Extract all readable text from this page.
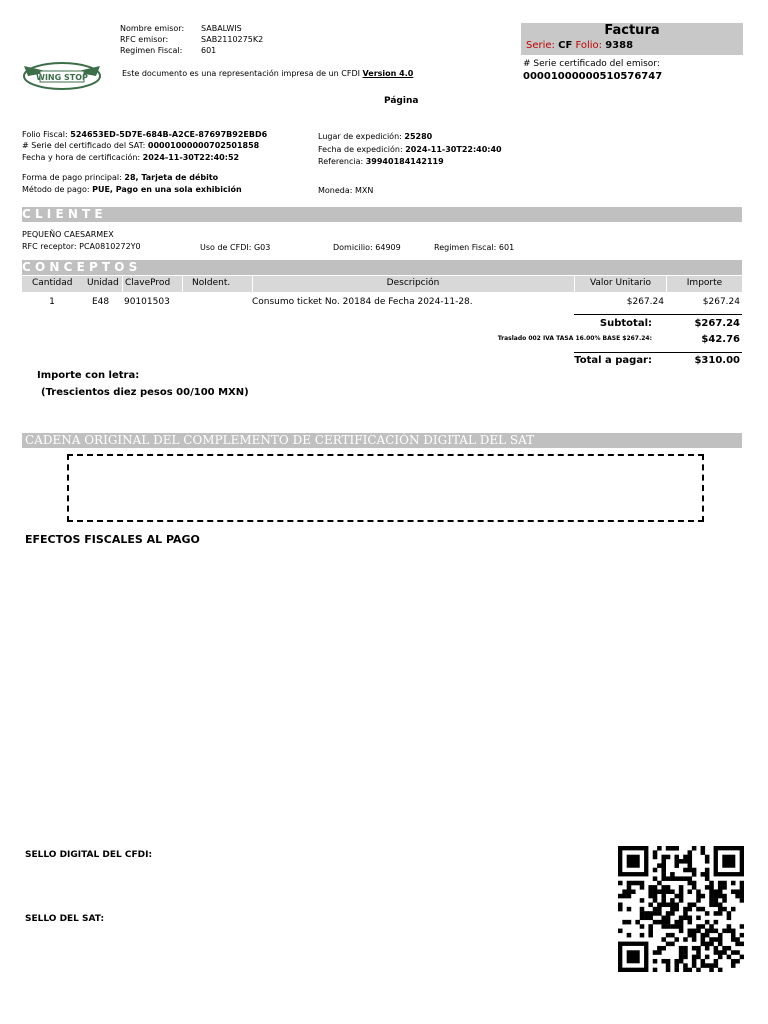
WING STOP
Nombre emisor: SABALWIS
RFC emisor:	SAB2110275K2
Regimen Fiscal: 601
Este documento es una representación impresa de un CFDI Version 4.0
Factura
Serie: CF Folio: 9388
# Serie certificado del emisor:
00001000000510576747
Página
Folio Fiscal: 524653ED-5D7E-684B-A2CE-87697B92EBD6
# Serie del certificado del SAT: 00001000000702501858
Fecha y hora de certificación: 2024-11-30T22:40:52
Lugar de expedición: 25280
Fecha de expedición: 2024-11-30T22:40:40
Referencia: 39940184142119
Forma de pago principal: 28, Tarjeta de débito
Método de pago: PUE, Pago en una sola exhibición	Moneda: MXN
C L I E N T E
PEQUEÑO CAESARMEX
RFC receptor: PCA0810272Y0	Uso de CFDI: G03	Domicilio: 64909	Regimen Fiscal: 601
C O N C E P T O S
Cantidad Unidad ClaveProd NoIdent.	Descripción	Valor Unitario	Importe
1	E48 90101503	Consumo ticket No. 20184 de Fecha 2024-11-28.	$267.24	$267.24
Subtotal:	$267.24
Traslado 002 IVA TASA 16.00% BASE $267.24:	$42.76
Total a pagar:	$310.00
Importe con letra:
(Trescientos diez pesos 00/100 MXN)
CADENA ORIGINAL DEL COMPLEMENTO DE CERTIFICACIÓN DIGITAL DEL SAT
EFECTOS FISCALES AL PAGO
SELLO DIGITAL DEL CFDI:
SELLO DEL SAT:
